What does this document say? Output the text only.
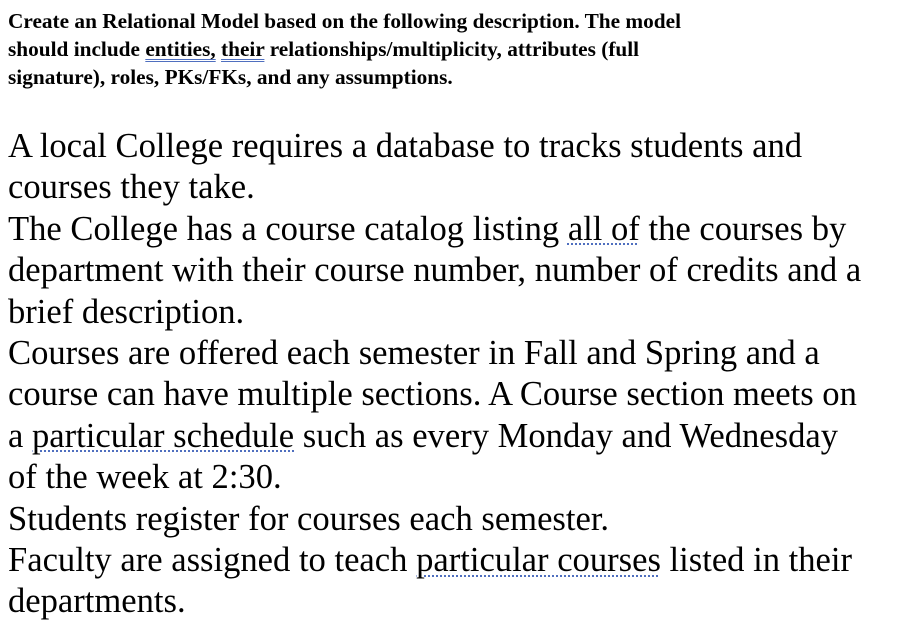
Create an Relational Model based on the following description. The model
should include entities, their relationships/multiplicity, attributes (full
signature), roles, PKs/FKs, and any assumptions.
A local College requires a database to tracks students and
courses they take.
The College has a course catalog listing all of the courses by
department with their course number, number of credits and a
brief description.
Courses are offered each semester in Fall and Spring and a
course can have multiple sections. A Course section meets on
a particular schedule such as every Monday and Wednesday
of the week at 2:30.
Students register for courses each semester.
Faculty are assigned to teach particular courses listed in their
departments.
